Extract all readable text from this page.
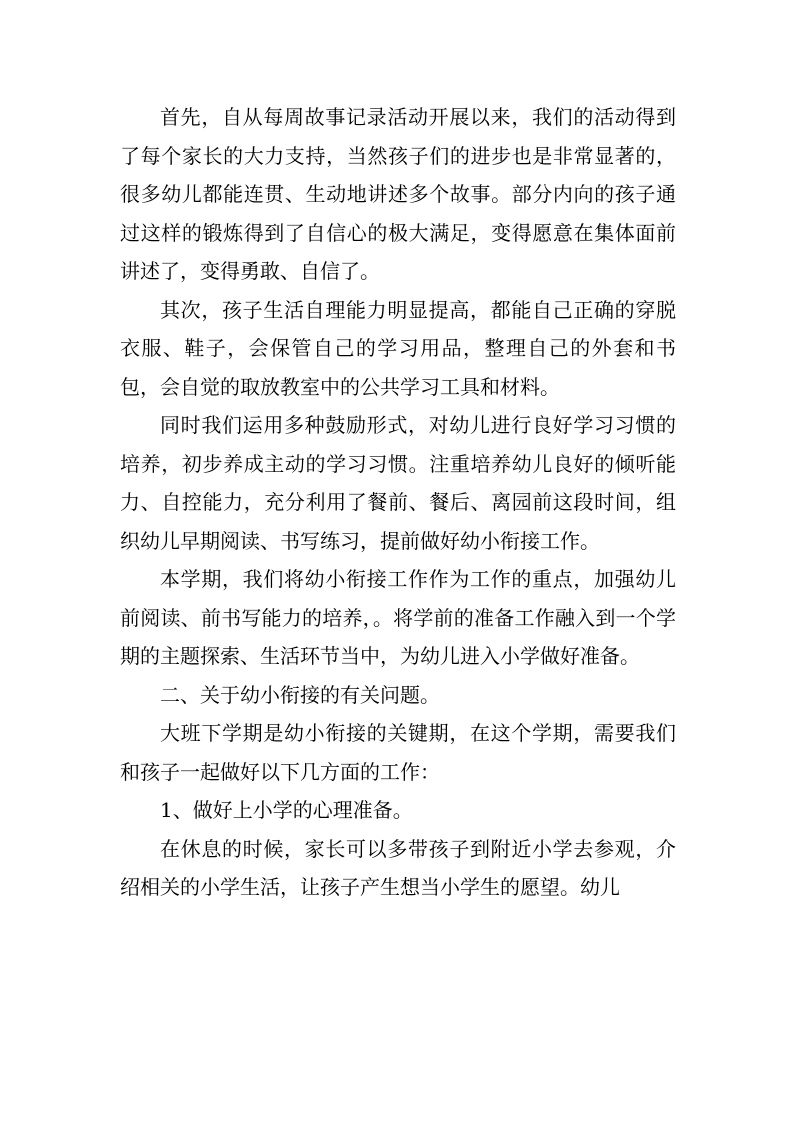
首先，自从每周故事记录活动开展以来，我们的活动得到了每个家长的大力支持，当然孩子们的进步也是非常显著的，很多幼儿都能连贯、生动地讲述多个故事。部分内向的孩子通过这样的锻炼得到了自信心的极大满足，变得愿意在集体面前讲述了，变得勇敢、自信了。

其次，孩子生活自理能力明显提高，都能自己正确的穿脱衣服、鞋子，会保管自己的学习用品，整理自己的外套和书包，会自觉的取放教室中的公共学习工具和材料。

同时我们运用多种鼓励形式，对幼儿进行良好学习习惯的培养，初步养成主动的学习习惯。注重培养幼儿良好的倾听能力、自控能力，充分利用了餐前、餐后、离园前这段时间，组织幼儿早期阅读、书写练习，提前做好幼小衔接工作。

本学期，我们将幼小衔接工作作为工作的重点，加强幼儿前阅读、前书写能力的培养，。将学前的准备工作融入到一个学期的主题探索、生活环节当中，为幼儿进入小学做好准备。

二、关于幼小衔接的有关问题。

大班下学期是幼小衔接的关键期，在这个学期，需要我们和孩子一起做好以下几方面的工作：

1、做好上小学的心理准备。

在休息的时候，家长可以多带孩子到附近小学去参观，介绍相关的小学生活，让孩子产生想当小学生的愿望。幼儿
